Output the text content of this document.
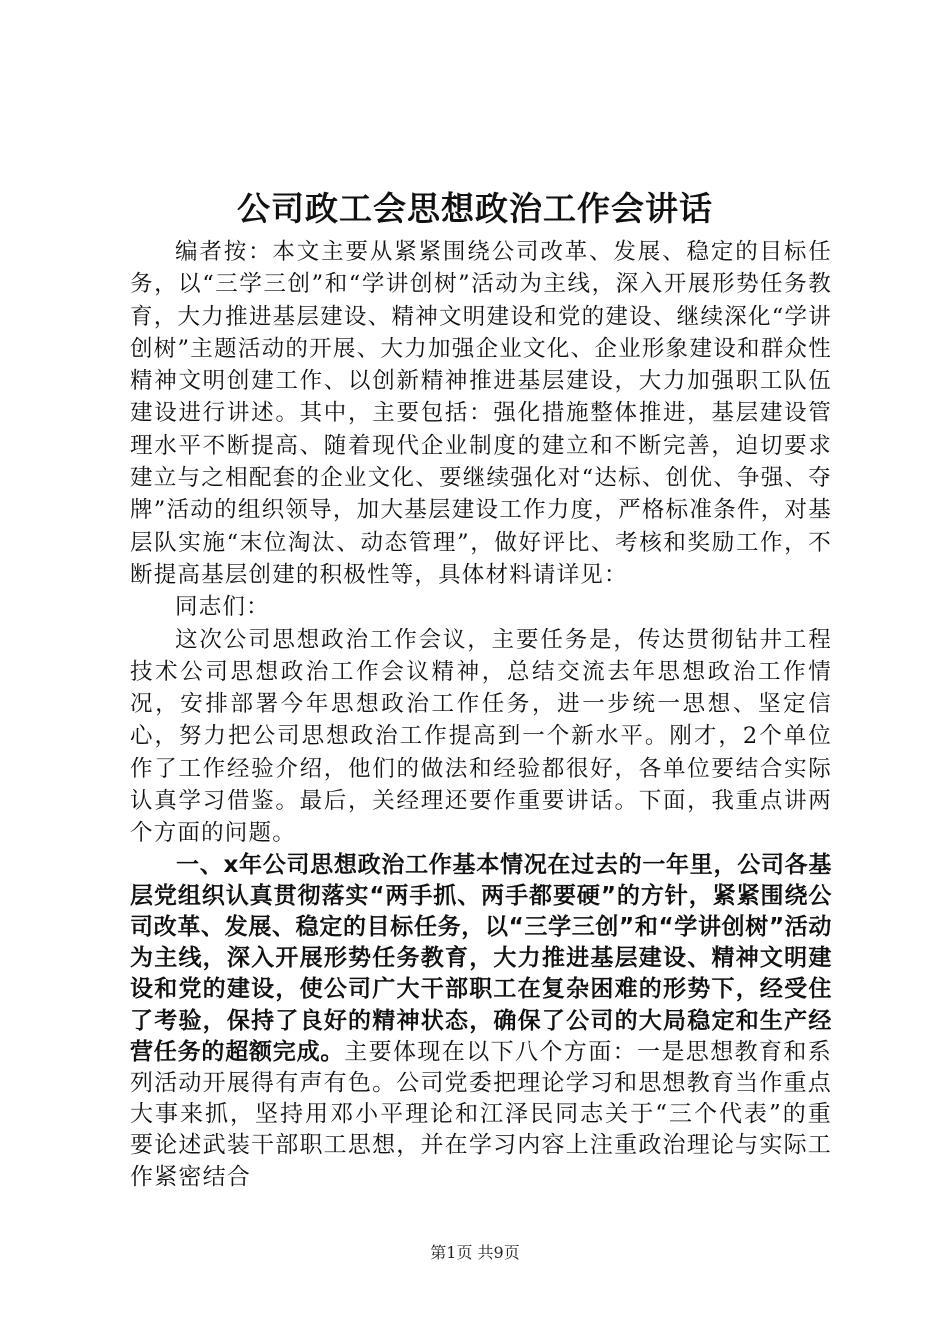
公司政工会思想政治工作会讲话

编者按：本文主要从紧紧围绕公司改革、发展、稳定的目标任务，以“三学三创”和“学讲创树”活动为主线，深入开展形势任务教育，大力推进基层建设、精神文明建设和党的建设、继续深化“学讲创树”主题活动的开展、大力加强企业文化、企业形象建设和群众性精神文明创建工作、以创新精神推进基层建设，大力加强职工队伍建设进行讲述。其中，主要包括：强化措施整体推进，基层建设管理水平不断提高、随着现代企业制度的建立和不断完善，迫切要求建立与之相配套的企业文化、要继续强化对“达标、创优、争强、夺牌”活动的组织领导，加大基层建设工作力度，严格标准条件，对基层队实施“末位淘汰、动态管理”，做好评比、考核和奖励工作，不断提高基层创建的积极性等，具体材料请详见：

同志们：

这次公司思想政治工作会议，主要任务是，传达贯彻钻井工程技术公司思想政治工作会议精神，总结交流去年思想政治工作情况，安排部署今年思想政治工作任务，进一步统一思想、坚定信心，努力把公司思想政治工作提高到一个新水平。刚才，2个单位作了工作经验介绍，他们的做法和经验都很好，各单位要结合实际认真学习借鉴。最后，关经理还要作重要讲话。下面，我重点讲两个方面的问题。

一、x年公司思想政治工作基本情况在过去的一年里，公司各基层党组织认真贯彻落实“两手抓、两手都要硬”的方针，紧紧围绕公司改革、发展、稳定的目标任务，以“三学三创”和“学讲创树”活动为主线，深入开展形势任务教育，大力推进基层建设、精神文明建设和党的建设，使公司广大干部职工在复杂困难的形势下，经受住了考验，保持了良好的精神状态，确保了公司的大局稳定和生产经营任务的超额完成。主要体现在以下八个方面：一是思想教育和系列活动开展得有声有色。公司党委把理论学习和思想教育当作重点大事来抓，坚持用邓小平理论和江泽民同志关于“三个代表”的重要论述武装干部职工思想，并在学习内容上注重政治理论与实际工作紧密结合

第1页 共9页
